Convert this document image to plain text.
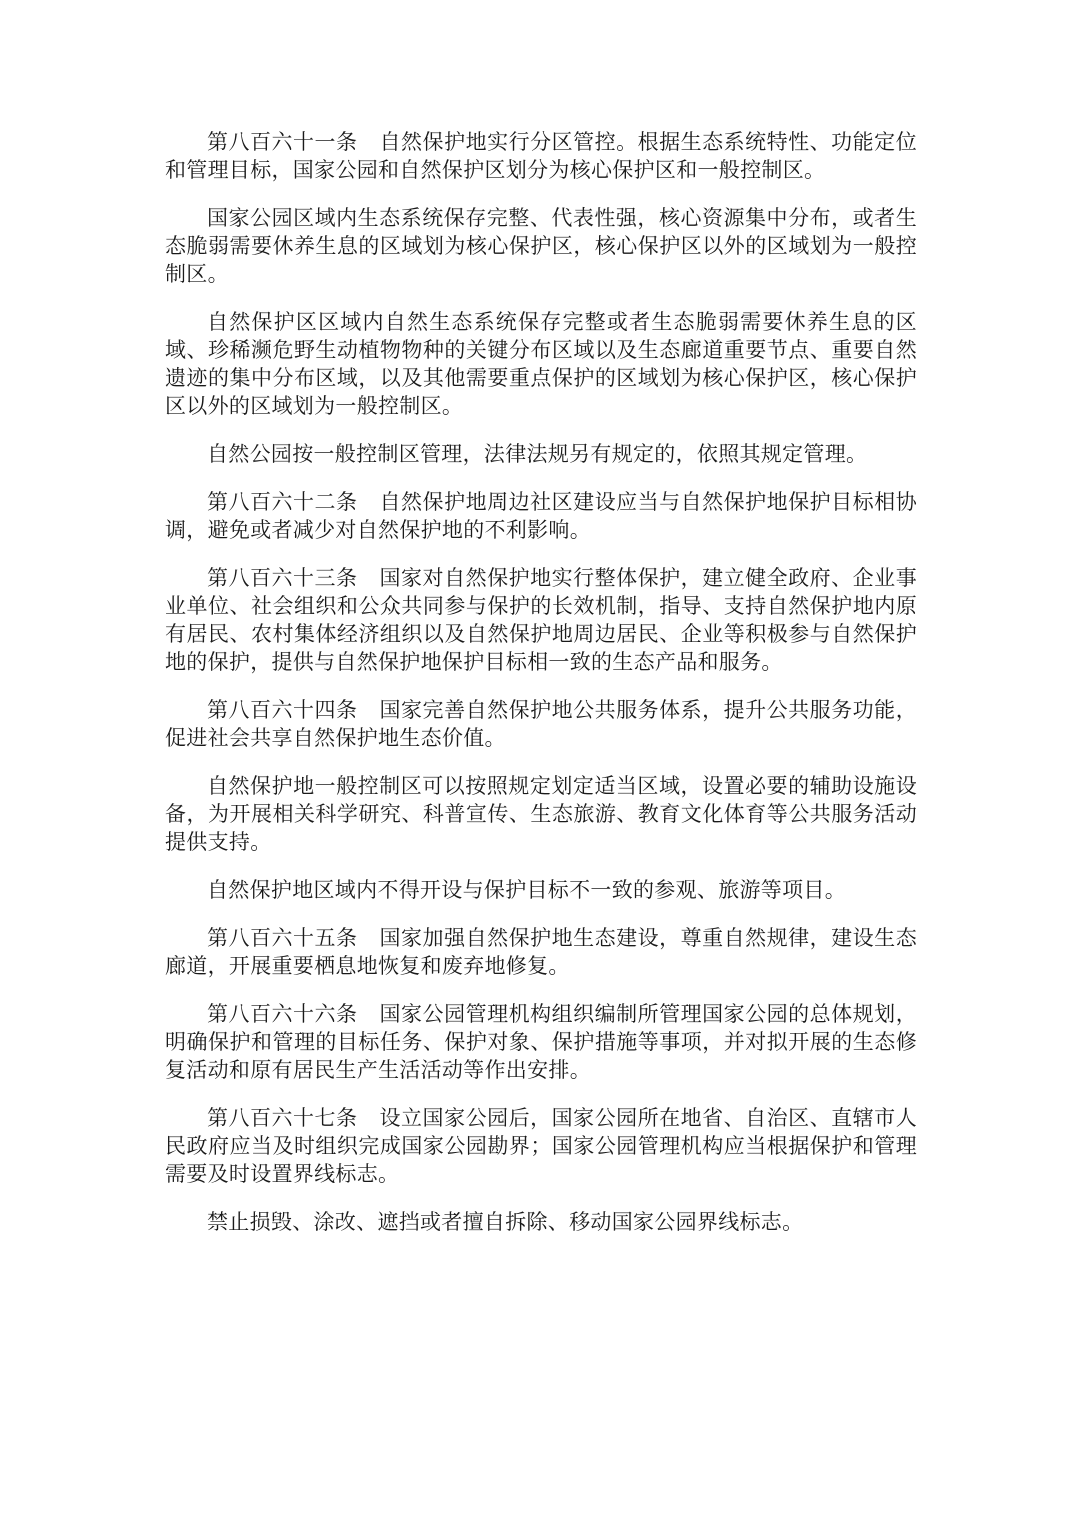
第八百六十一条 自然保护地实行分区管控。根据生态系统特性、功能定位和管理目标，国家公园和自然保护区划分为核心保护区和一般控制区。

国家公园区域内生态系统保存完整、代表性强，核心资源集中分布，或者生态脆弱需要休养生息的区域划为核心保护区，核心保护区以外的区域划为一般控制区。

自然保护区区域内自然生态系统保存完整或者生态脆弱需要休养生息的区域、珍稀濒危野生动植物物种的关键分布区域以及生态廊道重要节点、重要自然遗迹的集中分布区域，以及其他需要重点保护的区域划为核心保护区，核心保护区以外的区域划为一般控制区。

自然公园按一般控制区管理，法律法规另有规定的，依照其规定管理。

第八百六十二条 自然保护地周边社区建设应当与自然保护地保护目标相协调，避免或者减少对自然保护地的不利影响。

第八百六十三条 国家对自然保护地实行整体保护，建立健全政府、企业事业单位、社会组织和公众共同参与保护的长效机制，指导、支持自然保护地内原有居民、农村集体经济组织以及自然保护地周边居民、企业等积极参与自然保护地的保护，提供与自然保护地保护目标相一致的生态产品和服务。

第八百六十四条 国家完善自然保护地公共服务体系，提升公共服务功能，促进社会共享自然保护地生态价值。

自然保护地一般控制区可以按照规定划定适当区域，设置必要的辅助设施设备，为开展相关科学研究、科普宣传、生态旅游、教育文化体育等公共服务活动提供支持。

自然保护地区域内不得开设与保护目标不一致的参观、旅游等项目。

第八百六十五条 国家加强自然保护地生态建设，尊重自然规律，建设生态廊道，开展重要栖息地恢复和废弃地修复。

第八百六十六条 国家公园管理机构组织编制所管理国家公园的总体规划，明确保护和管理的目标任务、保护对象、保护措施等事项，并对拟开展的生态修复活动和原有居民生产生活活动等作出安排。

第八百六十七条 设立国家公园后，国家公园所在地省、自治区、直辖市人民政府应当及时组织完成国家公园勘界；国家公园管理机构应当根据保护和管理需要及时设置界线标志。

禁止损毁、涂改、遮挡或者擅自拆除、移动国家公园界线标志。
